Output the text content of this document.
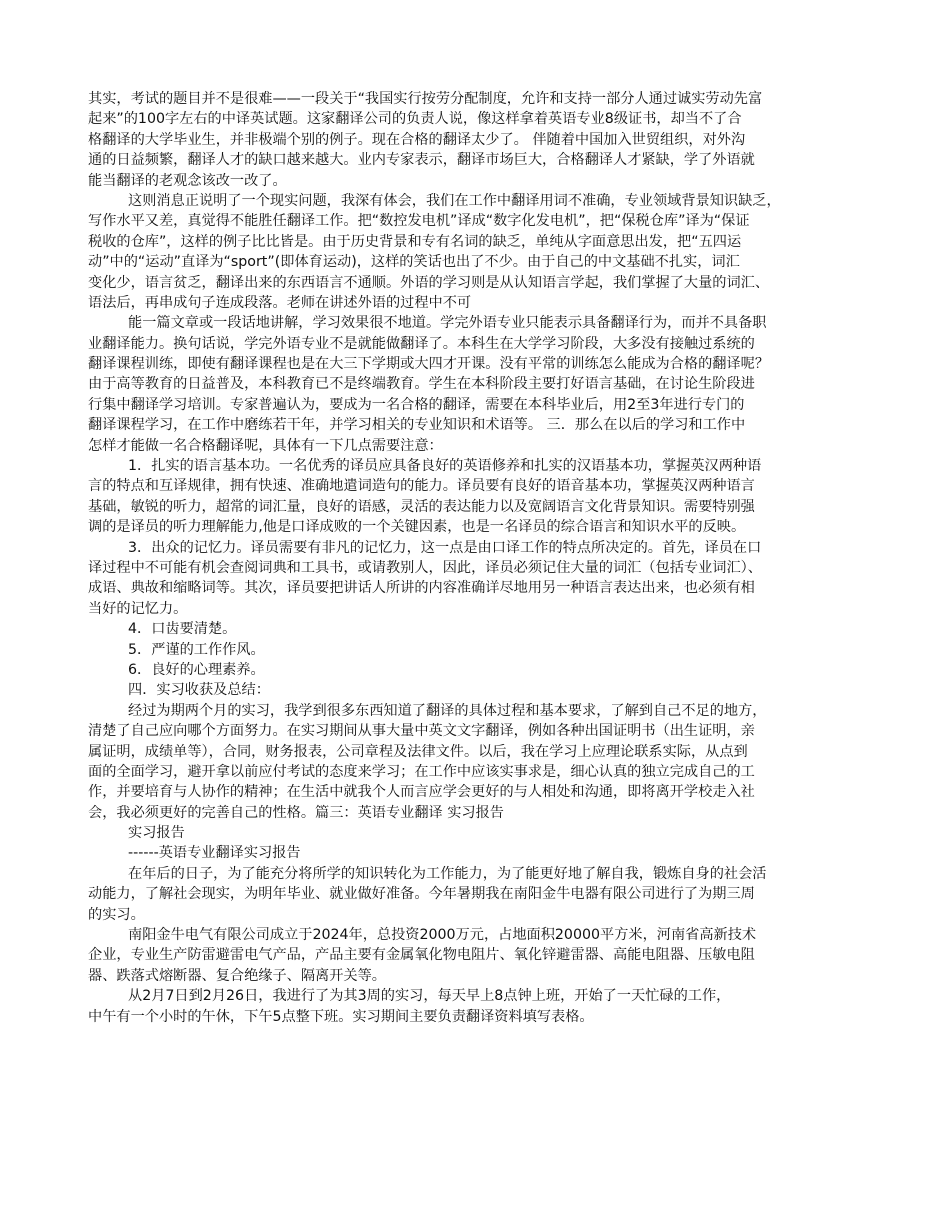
其实，考试的题目并不是很难——一段关于“我国实行按劳分配制度，允许和支持一部分人通过诚实劳动先富
起来”的100字左右的中译英试题。这家翻译公司的负责人说，像这样拿着英语专业8级证书，却当不了合
格翻译的大学毕业生，并非极端个别的例子。现在合格的翻译太少了。 伴随着中国加入世贸组织，对外沟
通的日益频繁，翻译人才的缺口越来越大。业内专家表示，翻译市场巨大，合格翻译人才紧缺，学了外语就
能当翻译的老观念该改一改了。
这则消息正说明了一个现实问题，我深有体会，我们在工作中翻译用词不准确，专业领域背景知识缺乏，
写作水平又差，真觉得不能胜任翻译工作。把“数控发电机”译成“数字化发电机”，把“保税仓库”译为“保证
税收的仓库”，这样的例子比比皆是。由于历史背景和专有名词的缺乏，单纯从字面意思出发，把“五四运
动”中的“运动”直译为“sport”(即体育运动)，这样的笑话也出了不少。由于自己的中文基础不扎实，词汇
变化少，语言贫乏，翻译出来的东西语言不通顺。外语的学习则是从认知语言学起，我们掌握了大量的词汇、
语法后，再串成句子连成段落。老师在讲述外语的过程中不可
能一篇文章或一段话地讲解，学习效果很不地道。学完外语专业只能表示具备翻译行为，而并不具备职
业翻译能力。换句话说，学完外语专业不是就能做翻译了。本科生在大学学习阶段，大多没有接触过系统的
翻译课程训练，即使有翻译课程也是在大三下学期或大四才开课。没有平常的训练怎么能成为合格的翻译呢？
由于高等教育的日益普及，本科教育已不是终端教育。学生在本科阶段主要打好语言基础，在讨论生阶段进
行集中翻译学习培训。专家普遍认为，要成为一名合格的翻译，需要在本科毕业后，用2至3年进行专门的
翻译课程学习，在工作中磨练若干年，并学习相关的专业知识和术语等。 三．那么在以后的学习和工作中
怎样才能做一名合格翻译呢，具体有一下几点需要注意：
1．扎实的语言基本功。一名优秀的译员应具备良好的英语修养和扎实的汉语基本功，掌握英汉两种语
言的特点和互译规律，拥有快速、准确地遣词造句的能力。译员要有良好的语音基本功，掌握英汉两种语言
基础，敏锐的听力，超常的词汇量，良好的语感，灵活的表达能力以及宽阔语言文化背景知识。需要特别强
调的是译员的听力理解能力,他是口译成败的一个关键因素，也是一名译员的综合语言和知识水平的反映。
3．出众的记忆力。译员需要有非凡的记忆力，这一点是由口译工作的特点所决定的。首先，译员在口
译过程中不可能有机会查阅词典和工具书，或请教别人，因此，译员必须记住大量的词汇（包括专业词汇）、
成语、典故和缩略词等。其次，译员要把讲话人所讲的内容准确详尽地用另一种语言表达出来，也必须有相
当好的记忆力。
4．口齿要清楚。
5．严谨的工作作风。
6．良好的心理素养。
四．实习收获及总结：
经过为期两个月的实习，我学到很多东西知道了翻译的具体过程和基本要求，了解到自己不足的地方，
清楚了自己应向哪个方面努力。在实习期间从事大量中英文文字翻译，例如各种出国证明书（出生证明，亲
属证明，成绩单等），合同，财务报表，公司章程及法律文件。以后，我在学习上应理论联系实际，从点到
面的全面学习，避开拿以前应付考试的态度来学习；在工作中应该实事求是，细心认真的独立完成自己的工
作，并要培育与人协作的精神；在生活中就我个人而言应学会更好的与人相处和沟通，即将离开学校走入社
会，我必须更好的完善自己的性格。篇三：英语专业翻译 实习报告
实习报告
------英语专业翻译实习报告
在年后的日子，为了能充分将所学的知识转化为工作能力，为了能更好地了解自我，锻炼自身的社会活
动能力，了解社会现实，为明年毕业、就业做好准备。今年暑期我在南阳金牛电器有限公司进行了为期三周
的实习。
南阳金牛电气有限公司成立于2024年，总投资2000万元，占地面积20000平方米，河南省高新技术
企业，专业生产防雷避雷电气产品，产品主要有金属氧化物电阻片、氧化锌避雷器、高能电阻器、压敏电阻
器、跌落式熔断器、复合绝缘子、隔离开关等。
从2月7日到2月26日，我进行了为其3周的实习，每天早上8点钟上班，开始了一天忙碌的工作，
中午有一个小时的午休，下午5点整下班。实习期间主要负责翻译资料填写表格。
